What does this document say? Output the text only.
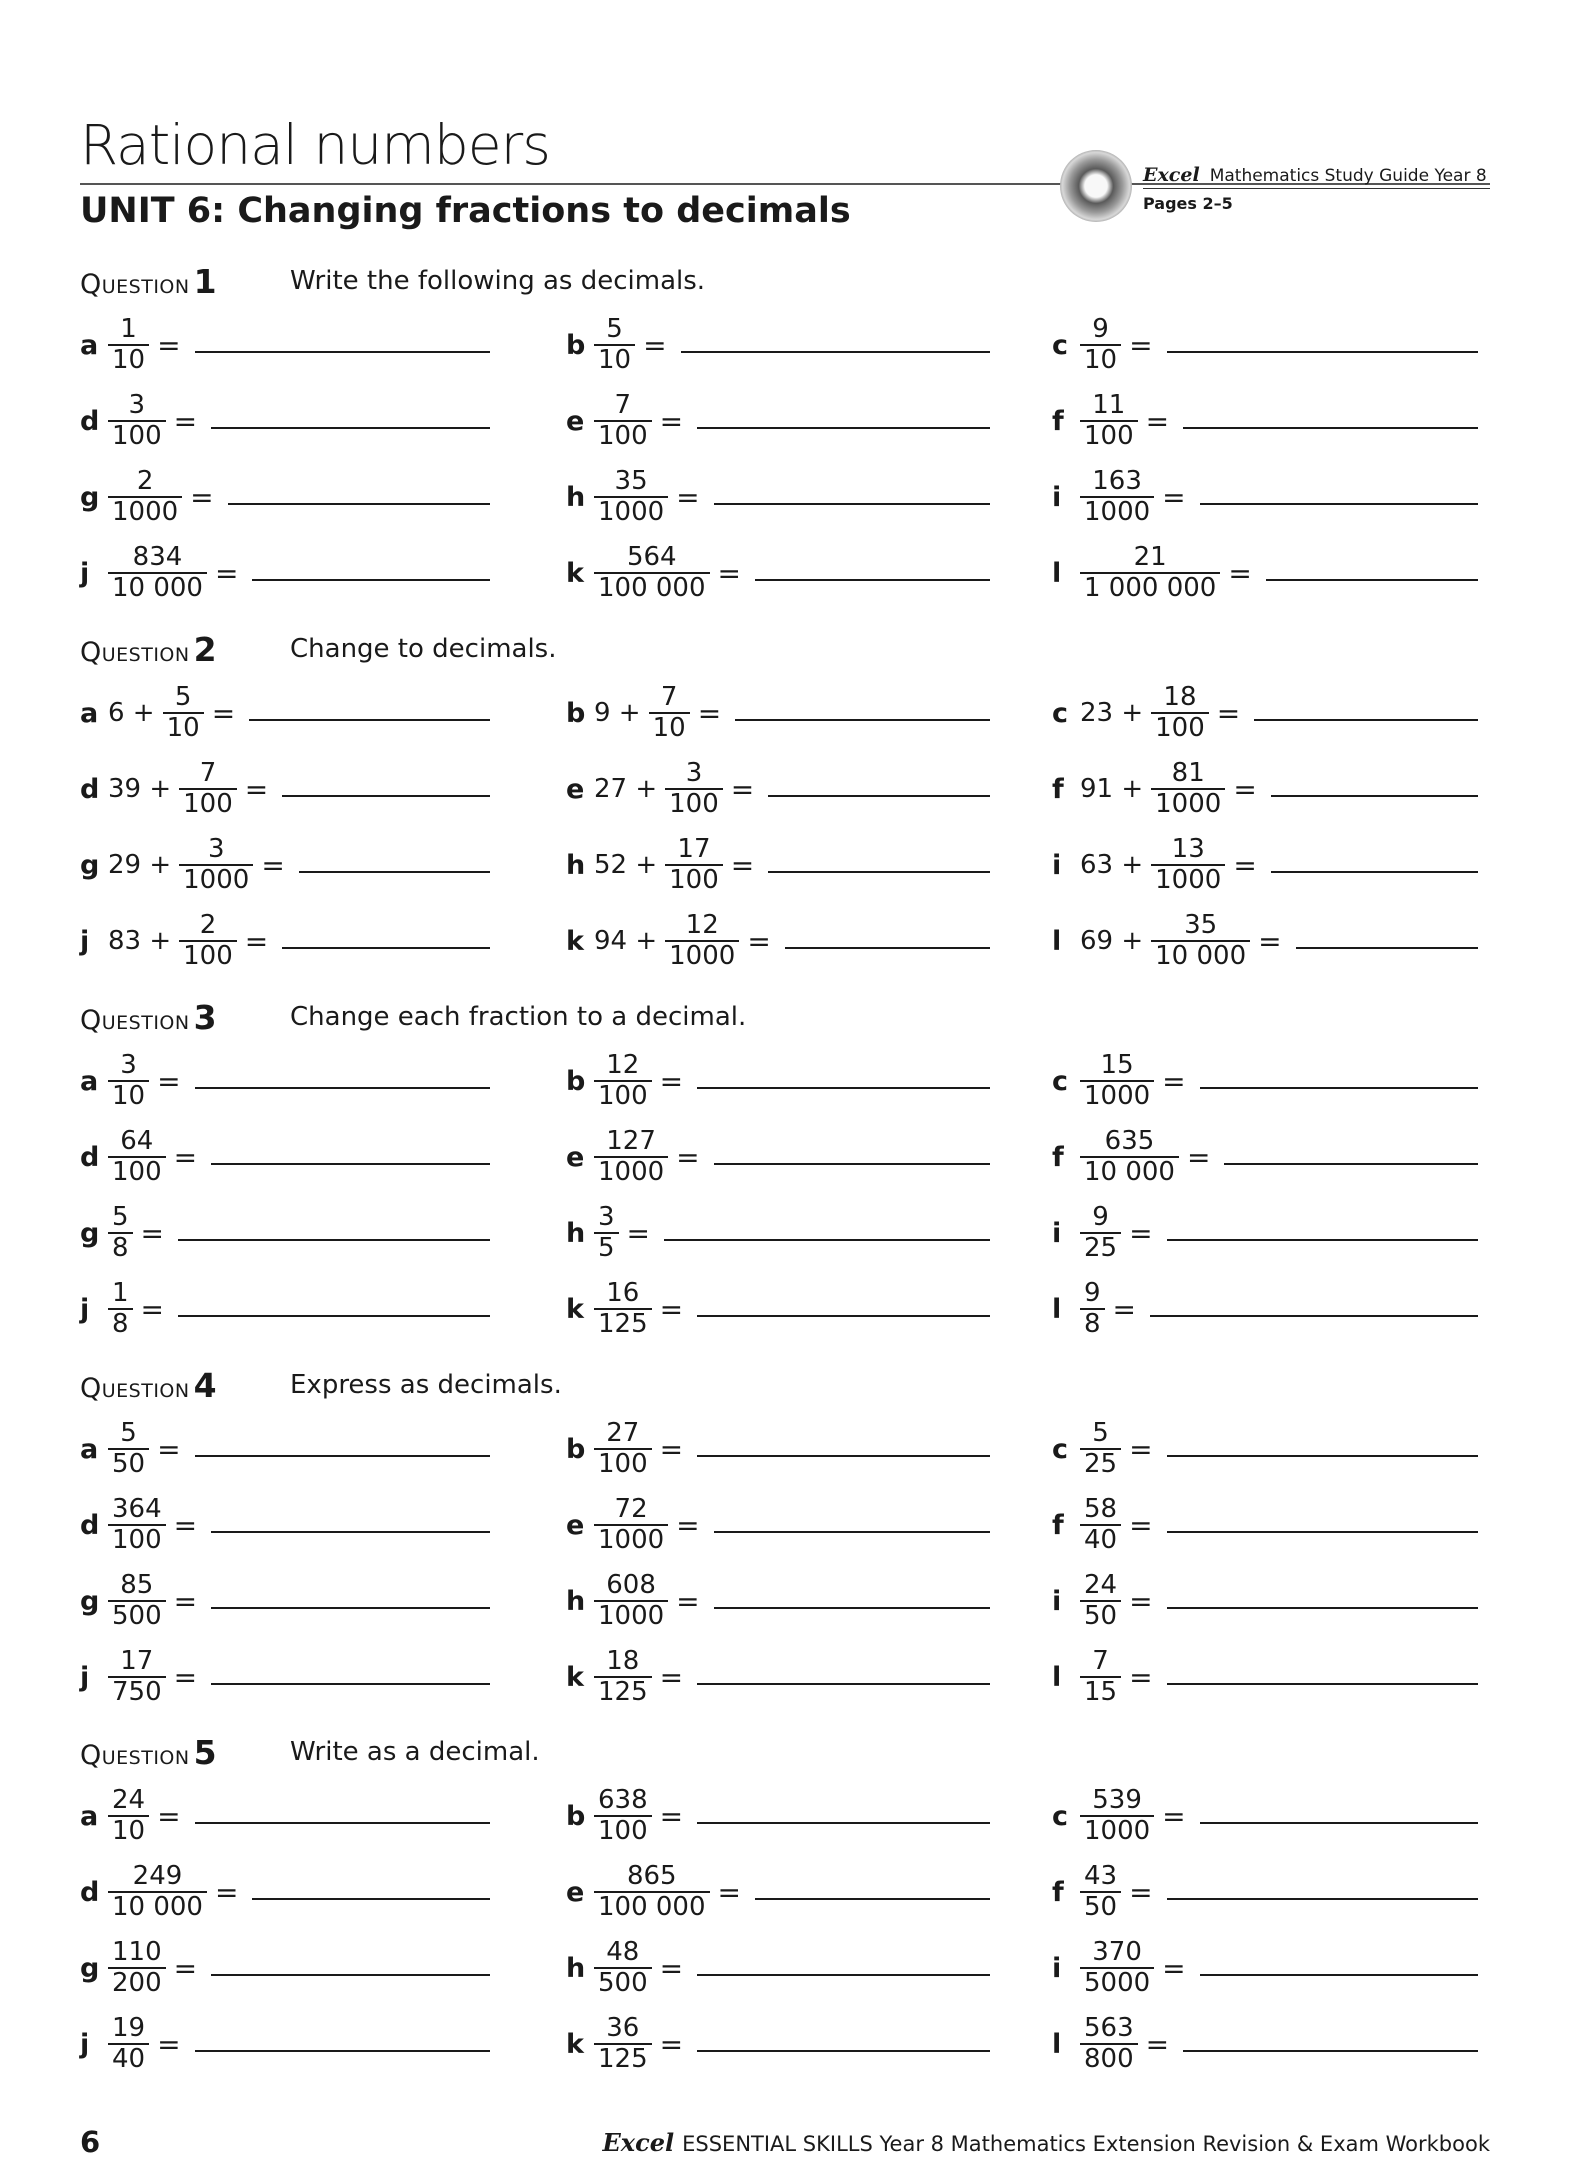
Rational numbers
UNIT 6: Changing fractions to decimals
Excel Mathematics Study Guide Year 8
Pages 2–5
Question 1	Write the following as decimals.
a $\frac{1}{10}$ =	b $\frac{5}{10}$ =	c $\frac{9}{10}$ =
d $\frac{3}{100}$ =	e $\frac{7}{100}$ =	f $\frac{11}{100}$ =
g $\frac{2}{1000}$ =	h $\frac{35}{1000}$ =	i $\frac{163}{1000}$ =
j $\frac{834}{10 000}$ =	k $\frac{564}{100 000}$ =	l $\frac{21}{1 000 000}$ =
Question 2	Change to decimals.
a $6 + \frac{5}{10}$ =	b $9 + \frac{7}{10}$ =	c $23 + \frac{18}{100}$ =
d $39 + \frac{7}{100}$ =	e $27 + \frac{3}{100}$ =	f $91 + \frac{81}{1000}$ =
g $29 + \frac{3}{1000}$ =	h $52 + \frac{17}{100}$ =	i $63 + \frac{13}{1000}$ =
j $83 + \frac{2}{100}$ =	k $94 + \frac{12}{1000}$ =	l $69 + \frac{35}{10 000}$ =
Question 3	Change each fraction to a decimal.
a $\frac{3}{10}$ =	b $\frac{12}{100}$ =	c $\frac{15}{1000}$ =
d $\frac{64}{100}$ =	e $\frac{127}{1000}$ =	f $\frac{635}{10 000}$ =
g $\frac{5}{8}$ =	h $\frac{3}{5}$ =	i $\frac{9}{25}$ =
j $\frac{1}{8}$ =	k $\frac{16}{125}$ =	l $\frac{9}{8}$ =
Question 4	Express as decimals.
a $\frac{5}{50}$ =	b $\frac{27}{100}$ =	c $\frac{5}{25}$ =
d $\frac{364}{100}$ =	e $\frac{72}{1000}$ =	f $\frac{58}{40}$ =
g $\frac{85}{500}$ =	h $\frac{608}{1000}$ =	i $\frac{24}{50}$ =
j $\frac{17}{750}$ =	k $\frac{18}{125}$ =	l $\frac{7}{15}$ =
Question 5	Write as a decimal.
a $\frac{24}{10}$ =	b $\frac{638}{100}$ =	c $\frac{539}{1000}$ =
d $\frac{249}{10 000}$ =	e $\frac{865}{100 000}$ =	f $\frac{43}{50}$ =
g $\frac{110}{200}$ =	h $\frac{48}{500}$ =	i $\frac{370}{5000}$ =
j $\frac{19}{40}$ =	k $\frac{36}{125}$ =	l $\frac{563}{800}$ =
6	Excel ESSENTIAL SKILLS Year 8 Mathematics Extension Revision & Exam Workbook
